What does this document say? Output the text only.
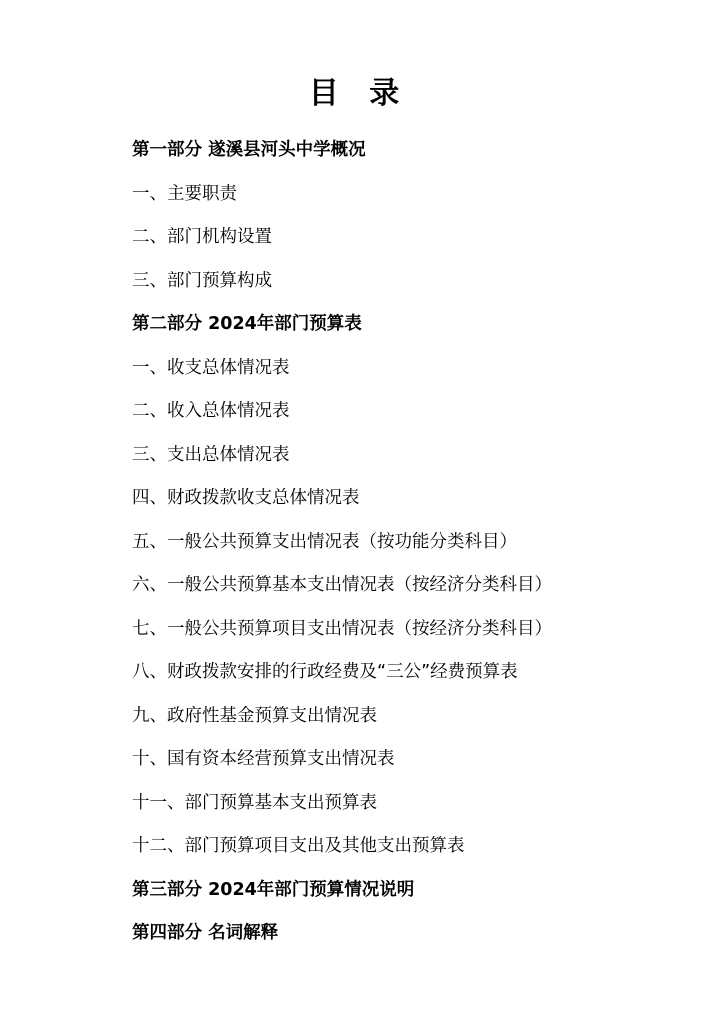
目 录
第一部分 遂溪县河头中学概况
一、主要职责
二、部门机构设置
三、部门预算构成
第二部分 2024年部门预算表
一、收支总体情况表
二、收入总体情况表
三、支出总体情况表
四、财政拨款收支总体情况表
五、一般公共预算支出情况表（按功能分类科目）
六、一般公共预算基本支出情况表（按经济分类科目）
七、一般公共预算项目支出情况表（按经济分类科目）
八、财政拨款安排的行政经费及“三公”经费预算表
九、政府性基金预算支出情况表
十、国有资本经营预算支出情况表
十一、部门预算基本支出预算表
十二、部门预算项目支出及其他支出预算表
第三部分 2024年部门预算情况说明
第四部分 名词解释
